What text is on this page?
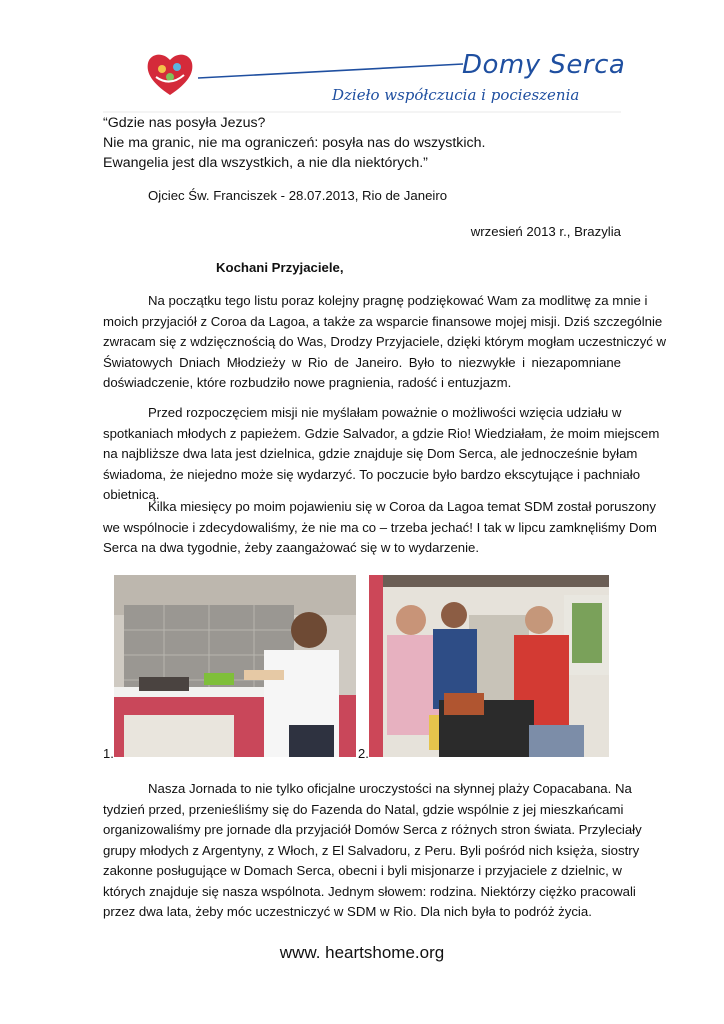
Domy Serca
Dzieło współczucia i pocieszenia
“Gdzie nas posyła Jezus?
Nie ma granic, nie ma ograniczeń: posyła nas do wszystkich.
Ewangelia jest dla wszystkich, a nie dla niektórych.”
Ojciec Św. Franciszek - 28.07.2013, Rio de Janeiro
wrzesień 2013 r., Brazylia
Kochani Przyjaciele,
Na początku tego listu poraz kolejny pragnę podziękować Wam za modlitwę za mnie i
moich przyjaciół z Coroa da Lagoa, a także za wsparcie finansowe mojej misji. Dziś szczególnie
zwracam się z wdzięcznością do Was, Drodzy Przyjaciele, dzięki którym mogłam uczestniczyć w
Światowych Dniach Młodzieży w Rio de Janeiro. Było to niezwykłe i niezapomniane
doświadczenie, które rozbudziło nowe pragnienia, radość i entuzjazm.
Przed rozpoczęciem misji nie myślałam poważnie o możliwości wzięcia udziału w
spotkaniach młodych z papieżem. Gdzie Salvador, a gdzie Rio! Wiedziałam, że moim miejscem
na najbliższe dwa lata jest dzielnica, gdzie znajduje się Dom Serca, ale jednocześnie byłam
świadoma, że niejedno może się wydarzyć. To poczucie było bardzo ekscytujące i pachniało
obietnicą.
Kilka miesięcy po moim pojawieniu się w Coroa da Lagoa temat SDM został poruszony
we wspólnocie i zdecydowaliśmy, że nie ma co – trzeba jechać! I tak w lipcu zamknęliśmy Dom
Serca na dwa tygodnie, żeby zaangażować się w to wydarzenie.
1.	2.
Nasza Jornada to nie tylko oficjalne uroczystości na słynnej plaży Copacabana. Na
tydzień przed, przenieśliśmy się do Fazenda do Natal, gdzie wspólnie z jej mieszkańcami
organizowaliśmy pre jornade dla przyjaciół Domów Serca z różnych stron świata. Przyleciały
grupy młodych z Argentyny, z Włoch, z El Salvadoru, z Peru. Byli pośród nich księża, siostry
zakonne posługujące w Domach Serca, obecni i byli misjonarze i przyjaciele z dzielnic, w
których znajduje się nasza wspólnota. Jednym słowem: rodzina. Niektórzy ciężko pracowali
przez dwa lata, żeby móc uczestniczyć w SDM w Rio. Dla nich była to podróż życia.
www. heartshome.org
